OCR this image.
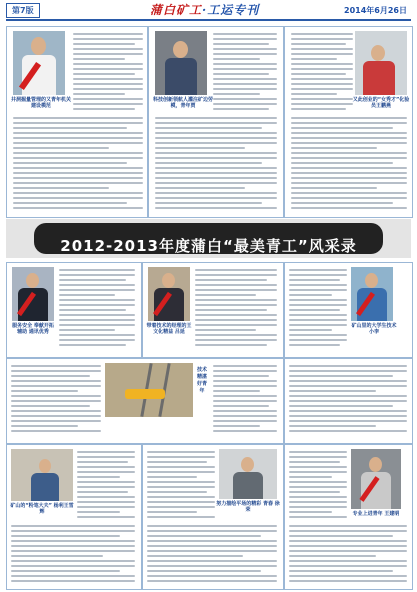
第7版	蒲白矿工·工运专刊	2014年6月26日
井洞掘量管理的又青年机关建设模范
科技创新领航人灌注矿边劳模，青年贾
又此创业的“女秀才”化验员王鹏燕
2012-2013年度蒲白“最美青工”风采录
服务安全 奉献开拓 辅助 通讯优秀
带着技术的经理的王文化精益 吕延
矿山里的大学生技术 小李
技术精湛好青年
矿山的“粉笔大夫” 杨利王雪辉
努力描绘平场的精彩 青春 徐荣
专业上进青年 王建明
